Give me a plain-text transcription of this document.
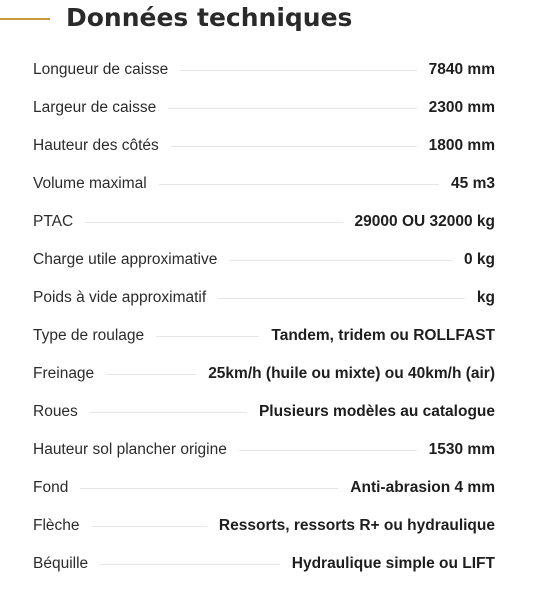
Données techniques
Longueur de caisse	7840 mm
Largeur de caisse	2300 mm
Hauteur des côtés	1800 mm
Volume maximal	45 m3
PTAC	29000 OU 32000 kg
Charge utile approximative	0 kg
Poids à vide approximatif	kg
Type de roulage	Tandem, tridem ou ROLLFAST
Freinage	25km/h (huile ou mixte) ou 40km/h (air)
Roues	Plusieurs modèles au catalogue
Hauteur sol plancher origine	1530 mm
Fond	Anti-abrasion 4 mm
Flèche	Ressorts, ressorts R+ ou hydraulique
Béquille	Hydraulique simple ou LIFT
